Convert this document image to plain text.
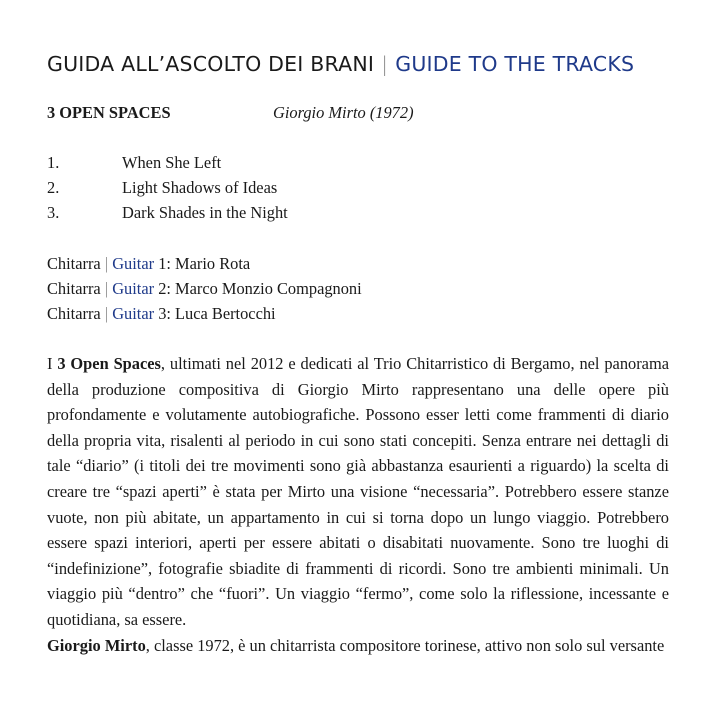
GUIDA ALL’ASCOLTO DEI BRANI | GUIDE TO THE TRACKS
3 OPEN SPACES	Giorgio Mirto (1972)
1.	When She Left
2.	Light Shadows of Ideas
3.	Dark Shades in the Night
Chitarra | Guitar 1: Mario Rota
Chitarra | Guitar 2: Marco Monzio Compagnoni
Chitarra | Guitar 3: Luca Bertocchi

I 3 Open Spaces, ultimati nel 2012 e dedicati al Trio Chitarristico di Bergamo, nel panorama della produzione compositiva di Giorgio Mirto rappresentano una delle opere più profondamente e volutamente autobiografiche. Possono esser letti come frammenti di diario della propria vita, risalenti al periodo in cui sono stati concepiti. Senza entrare nei dettagli di tale “diario” (i titoli dei tre movimenti sono già abbastanza esaurienti a riguardo) la scelta di creare tre “spazi aperti” è stata per Mirto una visione “necessaria”. Potrebbero essere stanze vuote, non più abitate, un appartamento in cui si torna dopo un lungo viaggio. Potrebbero essere spazi interiori, aperti per essere abitati o disabitati nuovamente. Sono tre luoghi di “indefinizione”, fotografie sbiadite di frammenti di ricordi. Sono tre ambienti minimali. Un viaggio più “dentro” che “fuori”. Un viaggio “fermo”, come solo la riflessione, incessante e quotidiana, sa essere.

Giorgio Mirto, classe 1972, è un chitarrista compositore torinese, attivo non solo sul versante
